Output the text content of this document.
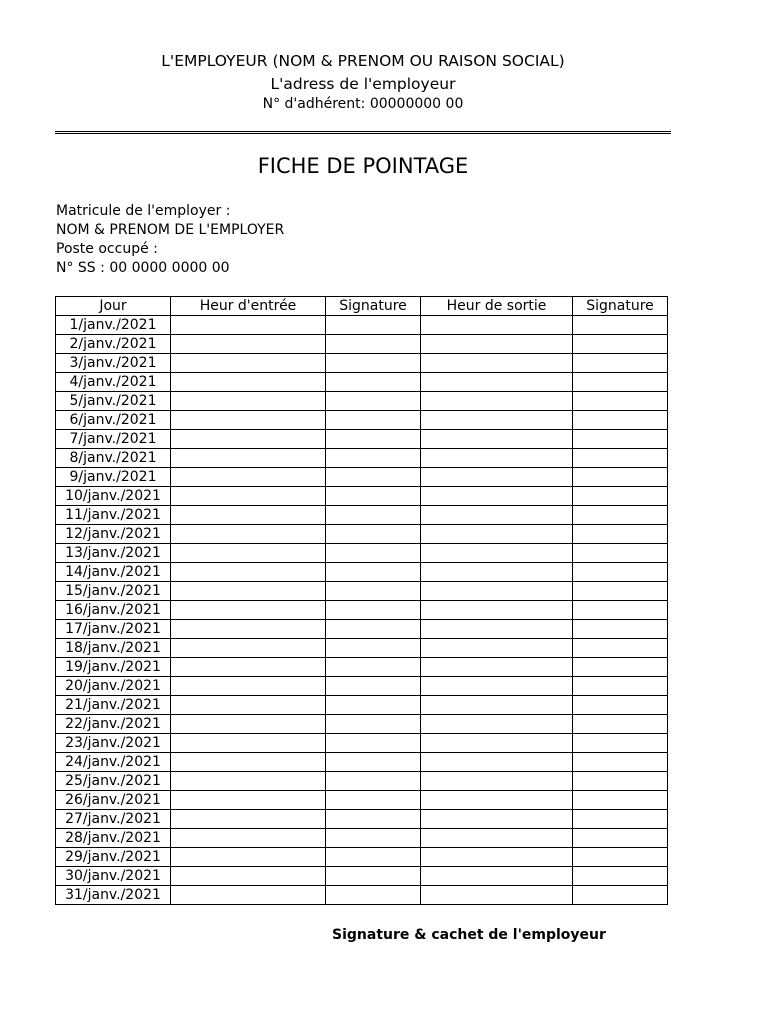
L'EMPLOYEUR (NOM & PRENOM OU RAISON SOCIAL)
L'adress de l'employeur
N° d'adhérent: 00000000 00
FICHE DE POINTAGE
Matricule de l'employer :
NOM & PRENOM DE L'EMPLOYER
Poste occupé :
N° SS : 00 0000 0000 00
Jour	Heur d'entrée	Signature	Heur de sortie	Signature
1/janv./2021				
2/janv./2021				
3/janv./2021				
4/janv./2021				
5/janv./2021				
6/janv./2021				
7/janv./2021				
8/janv./2021				
9/janv./2021				
10/janv./2021				
11/janv./2021				
12/janv./2021				
13/janv./2021				
14/janv./2021				
15/janv./2021				
16/janv./2021				
17/janv./2021				
18/janv./2021				
19/janv./2021				
20/janv./2021				
21/janv./2021				
22/janv./2021				
23/janv./2021				
24/janv./2021				
25/janv./2021				
26/janv./2021				
27/janv./2021				
28/janv./2021				
29/janv./2021				
30/janv./2021				
31/janv./2021				
Signature & cachet de l'employeur
